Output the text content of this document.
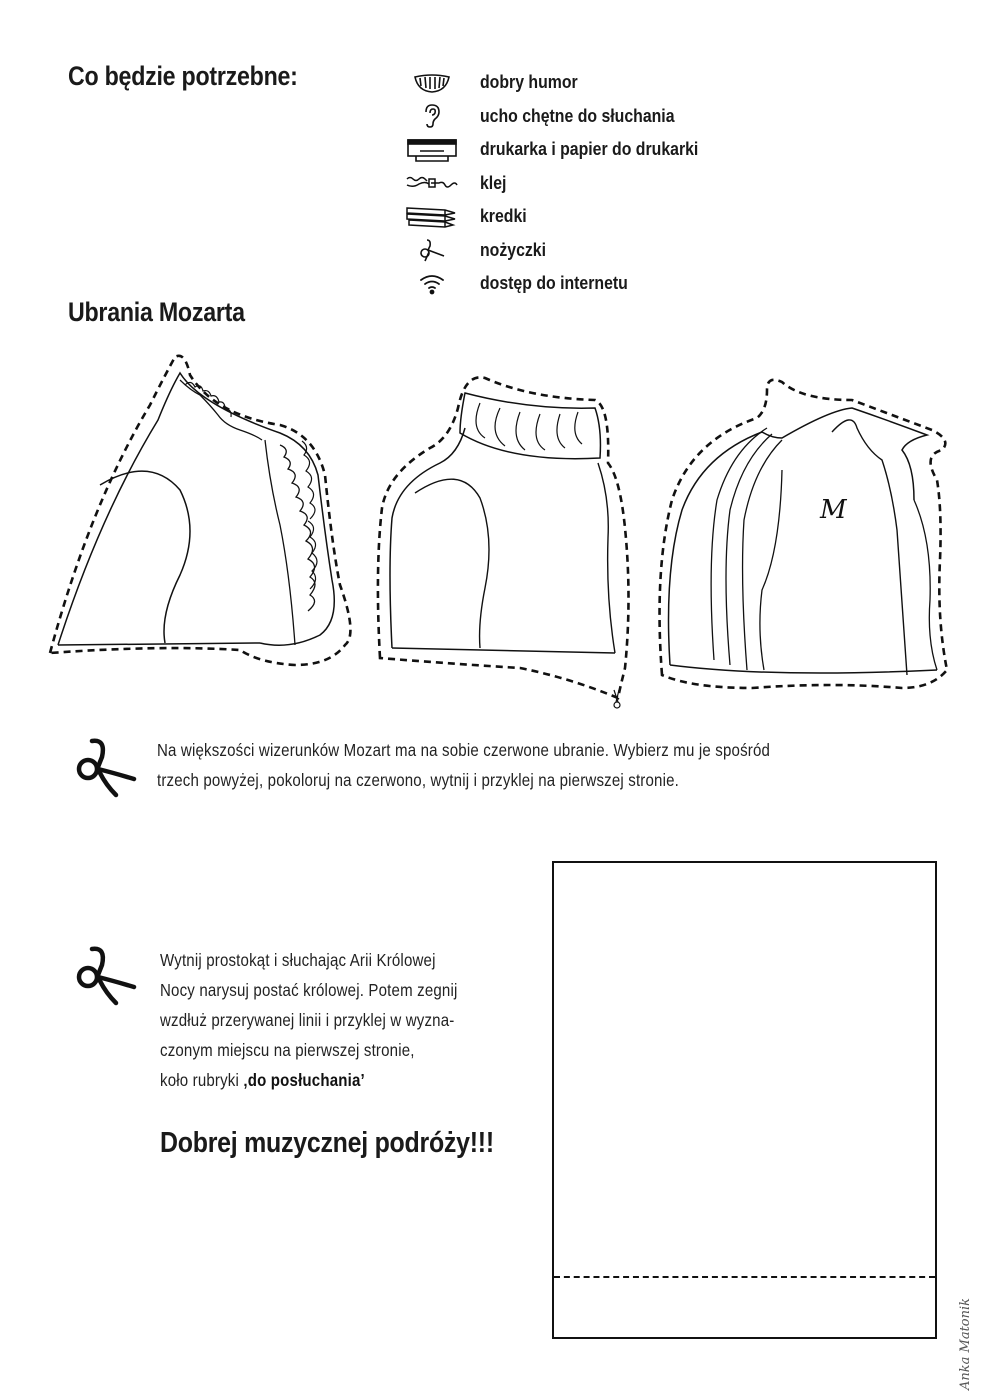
Co będzie potrzebne:	dobry humor
ucho chętne do słuchania
drukarka i papier do drukarki
klej
kredki
nożyczki
dostęp do internetu
Ubrania Mozarta
M
Na większości wizerunków Mozart ma na sobie czerwone ubranie. Wybierz mu je spośród
trzech powyżej, pokoloruj na czerwono, wytnij i przyklej na pierwszej stronie.
Wytnij prostokąt i słuchając Arii Królowej
Nocy narysuj postać królowej. Potem zegnij
wzdłuż przerywanej linii i przyklej w wyzna-
czonym miejscu na pierwszej stronie,
koło rubryki ‚do posłuchania’
Dobrej muzycznej podróży!!!
Anka Matonik
